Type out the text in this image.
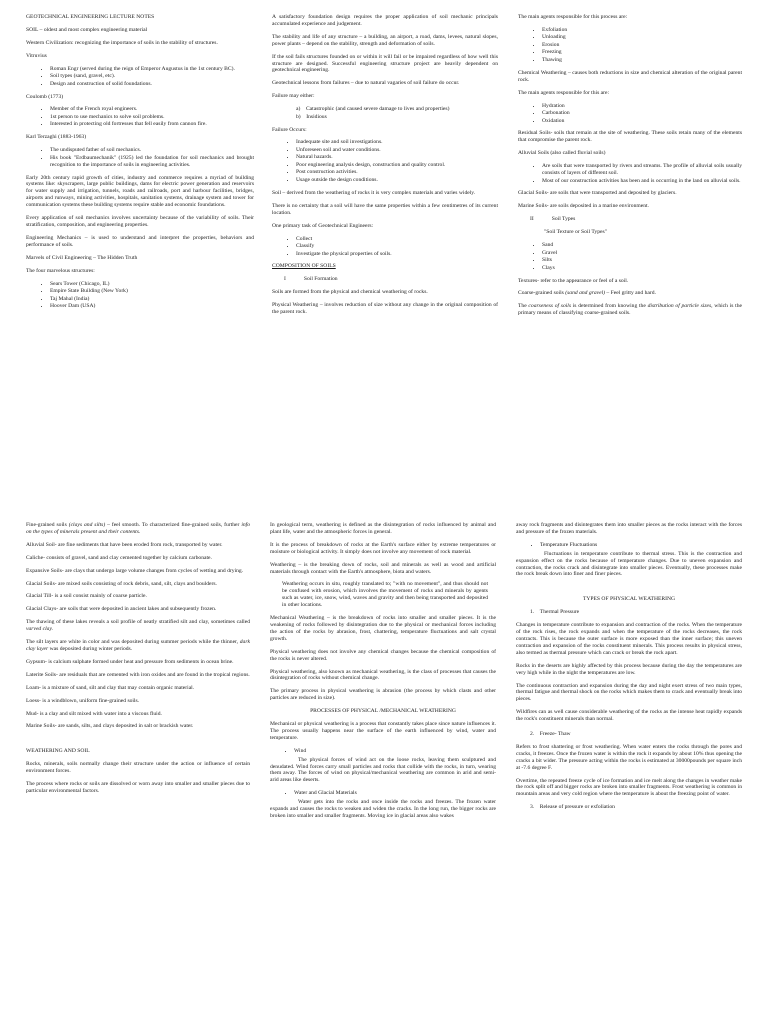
GEOTECHNICAL ENGINEERING LECTURE NOTES

SOIL – oldest and most complex engineering material

Western Civilization: recognizing the importance of soils in the stability of structures.

Vitruvius

• Roman Engr (served during the reign of Emperor Augustus in the 1st century BC).
• Soil types (sand, gravel, etc).
• Design and construction of solid foundations.

Coulomb (1773)

• Member of the French royal engineers.
• 1st person to use mechanics to solve soil problems.
• Interested in protecting old fortresses that fell easily from cannon fire.

Karl Terzaghi (1883-1963)

• The undisputed father of soil mechanics.
• His book "Erdbaumechanik" (1925) led the foundation for soil mechanics and brought recognition to the importance of soils in engineering activities.

Early 20th century rapid growth of cities, industry and commerce requires a myriad of building systems like: skyscrapers, large public buildings, dams for electric power generation and reservoirs for water supply and irrigation, tunnels, roads and railroads, port and harbour facilities, bridges, airports and runways, mining activities, hospitals, sanitation systems, drainage system and tower for communication systems these building systems require stable and economic foundations.

Every application of soil mechanics involves uncertainty because of the variability of soils. Their stratification, composition, and engineering properties.

Engineering Mechanics – is used to understand and interpret the properties, behaviors and performance of soils.

Marvels of Civil Engineering – The Hidden Truth

The four marvelous structures:

• Sears Tower (Chicago, IL)
• Empire State Building (New York)
• Taj Mahal (India)
• Hoover Dam (USA)

A satisfactory foundation design requires the proper application of soil mechanic principals accumulated experience and judgement.

The stability and life of any structure – a building, an airport, a road, dams, levees, natural slopes, power plants – depend on the stability, strength and deformation of soils.

If the soil fails structures founded on or within it will fail or be impaired regardless of how well this structure are designed. Successful engineering structure project are heavily dependent on geotechnical engineering.

Geotechnical lessons from failures – due to natural vagaries of soil failure do occur.

Failure may either:

a) Catastrophic (and caused severe damage to lives and properties)
b) Insidious

Failure Occurs:

• Inadequate site and soil investigations.
• Unforeseen soil and water conditions.
• Natural hazards.
• Poor engineering analysis design, construction and quality control.
• Post construction activities.
• Usage outside the design conditions.

Soil – derived from the weathering of rocks it is very complex materials and varies widely.

There is no certainty that a soil will have the same properties within a few centimetres of its current location.

One primary task of Geotechnical Engineers:

• Collect
• Classify
• Investigate the physical properties of soils.

COMPOSITION OF SOILS

I	Soil Formation

Soils are formed from the physical and chemical weathering of rocks.

Physical Weathering – involves reduction of size without any change in the original composition of the parent rock.

The main agents responsible for this process are:

• Exfoliation
• Unloading
• Erosion
• Freezing
• Thawing

Chemical Weathering – causes both reductions in size and chemical alteration of the original parent rock.

The main agents responsible for this are:

• Hydration
• Carbonation
• Oxidation

Residual Soils- soils that remain at the site of weathering. These soils retain many of the elements that compromise the parent rock.

Alluvial Soils (also called fluvial soils)

• Are soils that were transported by rivers and streams. The profile of alluvial soils usually consists of layers of different soil.
• Most of our construction activities has been and is occurring in the land on alluvial soils.

Glacial Soils- are soils that were transported and deposited by glaciers.

Marine Soils- are soils deposited in a marine environment.

II	Soil Types

"Soil Texture or Soil Types"

• Sand
• Gravel
• Silts
• Clays

Textures- refer to the appearance or feel of a soil.

Coarse-grained soils (sand and gravel) – Feel gritty and hard.

The coarseness of soils is determined from knowing the distribution of particle sizes, which is the primary means of classifying coarse-grained soils.

Fine-grained soils (clays and silts) – feel smooth. To characterized fine-grained soils, further info on the types of minerals present and their contents.

Alluvial Soil- are fine sediments that have been eroded from rock, transported by water.

Caliche- consists of gravel, sand and clay cemented together by calcium carbonate.

Expansive Soils- are clays that undergo large volume changes from cycles of wetting and drying.

Glacial Soils- are mixed soils consisting of rock debris, sand, silt, clays and boulders.

Glacial Till- is a soil consist mainly of coarse particle.

Glacial Clays- are soils that were deposited in ancient lakes and subsequently frozen.

The thawing of these lakes reveals a soil profile of neatly stratified silt and clay, sometimes called varved clay.

The silt layers are white in color and was deposited during summer periods while the thinner, dark clay layer was deposited during winter periods.

Gypsum- is calcium sulphate formed under heat and pressure from sediments in ocean brine.

Laterite Soils- are residuals that are cemented with iron oxides and are found in the tropical regions.

Loam- is a mixture of sand, silt and clay that may contain organic material.

Loess- is a windblown, uniform fine-grained soils.

Mud- is a clay and silt mixed with water into a viscous fluid.

Marine Soils- are sands, silts, and clays deposited in salt or brackish water.

WEATHERING AND SOIL

Rocks, minerals, soils normally change their structure under the action or influence of certain environment forces.

The process where rocks or soils are dissolved or worn away into smaller and smaller pieces due to particular environmental factors.

In geological term, weathering is defined as the disintegration of rocks influenced by animal and plant life, water and the atmospheric forces in general.

It is the process of breakdown of rocks at the Earth's surface either by extreme temperatures or moisture or biological activity. It simply does not involve any movement of rock material.

Weathering – is the breaking down of rocks, soil and minerals as well as wood and artificial materials through contact with the Earth's atmosphere, biota and waters.

Weathering occurs in situ, roughly translated to; "with no movement", and thus should not be confused with erosion, which involves the movement of rocks and minerals by agents such as water, ice, snow, wind, waves and gravity and then being transported and deposited in other locations.

Mechanical Weathering – is the breakdown of rocks into smaller and smaller pieces. It is the weakening of rocks followed by disintegration due to the physical or mechanical forces including the action of the rocks by abrasion, frost, chattering, temperature fluctuations and salt crystal growth.

Physical weathering does not involve any chemical changes because the chemical composition of the rocks is never altered.

Physical weathering, also known as mechanical weathering, is the class of processes that causes the disintegration of rocks without chemical change.

The primary process in physical weathering is abrasion (the process by which clasts and other particles are reduced in size).

PROCESSES OF PHYSICAL /MECHANICAL WEATHERING

Mechanical or physical weathering is a process that constantly takes place since nature influences it. The process usually happens near the surface of the earth influenced by wind, water and temperature.

• Wind

The physical forces of wind act on the loose rocks, leaving them sculptured and denudated. Wind forces carry small particles and rocks that collide with the rocks, in turn, wearing them away. The forces of wind on physical/mechanical weathering are common in arid and semi-arid areas like deserts.

• Water and Glacial Materials

Water gets into the rocks and once inside the rocks and freezes. The frozen water expands and causes the rocks to weaken and widen the cracks. In the long run, the bigger rocks are broken into smaller and smaller fragments. Moving ice in glacial areas also wakes

away rock fragments and disintegrates them into smaller pieces as the rocks interact with the forces and pressure of the frozen materials.

• Temperature Fluctuations

Fluctuations in temperature contribute to thermal stress. This is the contraction and expansion effect on the rocks because of temperature changes. Due to uneven expansion and contraction, the rocks crack and disintegrate into smaller pieces. Eventually, these processes make the rock break down into finer and finer pieces.

TYPES OF PHYSICAL WEATHERING

1. Thermal Pressure

Changes in temperature contribute to expansion and contraction of the rocks. When the temperature of the rock rises, the rock expands and when the temperature of the rocks decreases, the rock contracts. This is because the outer surface is more exposed than the inner surface; this uneven contraction and expansion of the rocks constituent minerals. This process results in physical stress, also termed as thermal pressure which can crack or break the rock apart.

Rocks in the deserts are highly affected by this process because during the day the temperatures are very high while in the night the temperatures are low.

The continuous contraction and expansion during the day and night exert stress of two main types, thermal fatigue and thermal shock on the rocks which makes them to crack and eventually break into pieces.

Wildfires can as well cause considerable weathering of the rocks as the intense heat rapidly expands the rock's constituent minerals than normal.

2. Freeze- Thaw

Refers to frost shattering or frost weathering. When water enters the rocks through the pores and cracks, it freezes. Once the frozen water is within the rock it expands by about 10% thus opening the cracks a bit wider. The pressure acting within the rocks is estimated at 30000pounds per square inch at -7.6 degree F.

Overtime, the repeated freeze cycle of ice formation and ice melt along the changes in weather make the rock split off and bigger rocks are broken into smaller fragments. Frost weathering is common in mountain areas and very cold region where the temperature is about the freezing point of water.

3. Release of pressure or exfoliation
